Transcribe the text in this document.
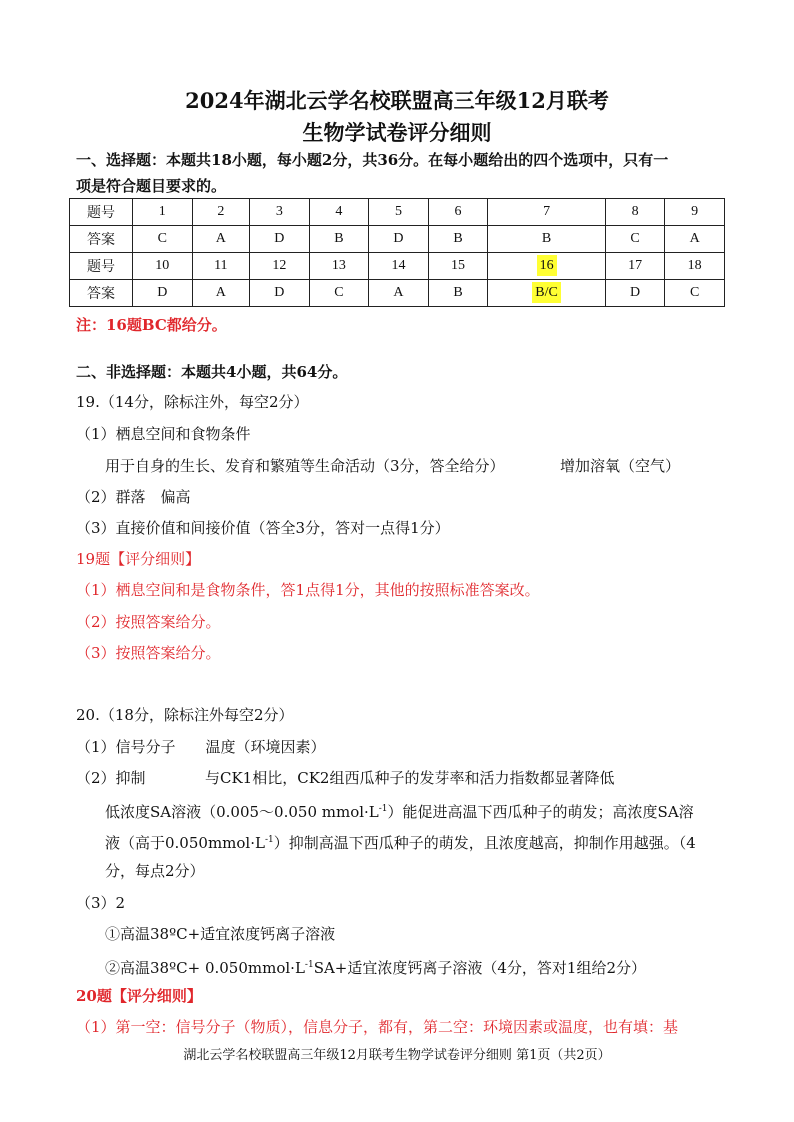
2024年湖北云学名校联盟高三年级12月联考
生物学试卷评分细则
一、选择题：本题共18小题，每小题2分，共36分。在每小题给出的四个选项中，只有一
项是符合题目要求的。
题号	1	2	3	4	5	6	7	8	9
答案	C	A	D	B	D	B	B	C	A
题号	10	11	12	13	14	15	16	17	18
答案	D	A	D	C	A	B	B/C	D	C
注：16题BC都给分。
二、非选择题：本题共4小题，共64分。
19.（14分，除标注外，每空2分）
（1）栖息空间和食物条件
用于自身的生长、发育和繁殖等生命活动（3分，答全给分）	增加溶氧（空气）
（2）群落　偏高
（3）直接价值和间接价值（答全3分，答对一点得1分）
19题【评分细则】
（1）栖息空间和是食物条件，答1点得1分，其他的按照标准答案改。
（2）按照答案给分。
（3）按照答案给分。
20.（18分，除标注外每空2分）
（1）信号分子　　温度（环境因素）
（2）抑制	与CK1相比，CK2组西瓜种子的发芽率和活力指数都显著降低
低浓度SA溶液（0.005～0.050 $mmol\cdot L^{-1}$）能促进高温下西瓜种子的萌发；高浓度SA溶
液（高于$0.050mmol\cdot L^{-1}$）抑制高温下西瓜种子的萌发，且浓度越高，抑制作用越强。（4
分，每点2分）
（3）2
①高温38ºC+适宜浓度钙离子溶液
②高温38ºC+ $0.050mmol\cdot L^{-1}SA+$适宜浓度钙离子溶液（4分，答对1组给2分）
20题【评分细则】
（1）第一空：信号分子（物质），信息分子，都有，第二空：环境因素或温度，也有填：基
湖北云学名校联盟高三年级12月联考生物学试卷评分细则 第1页（共2页）
